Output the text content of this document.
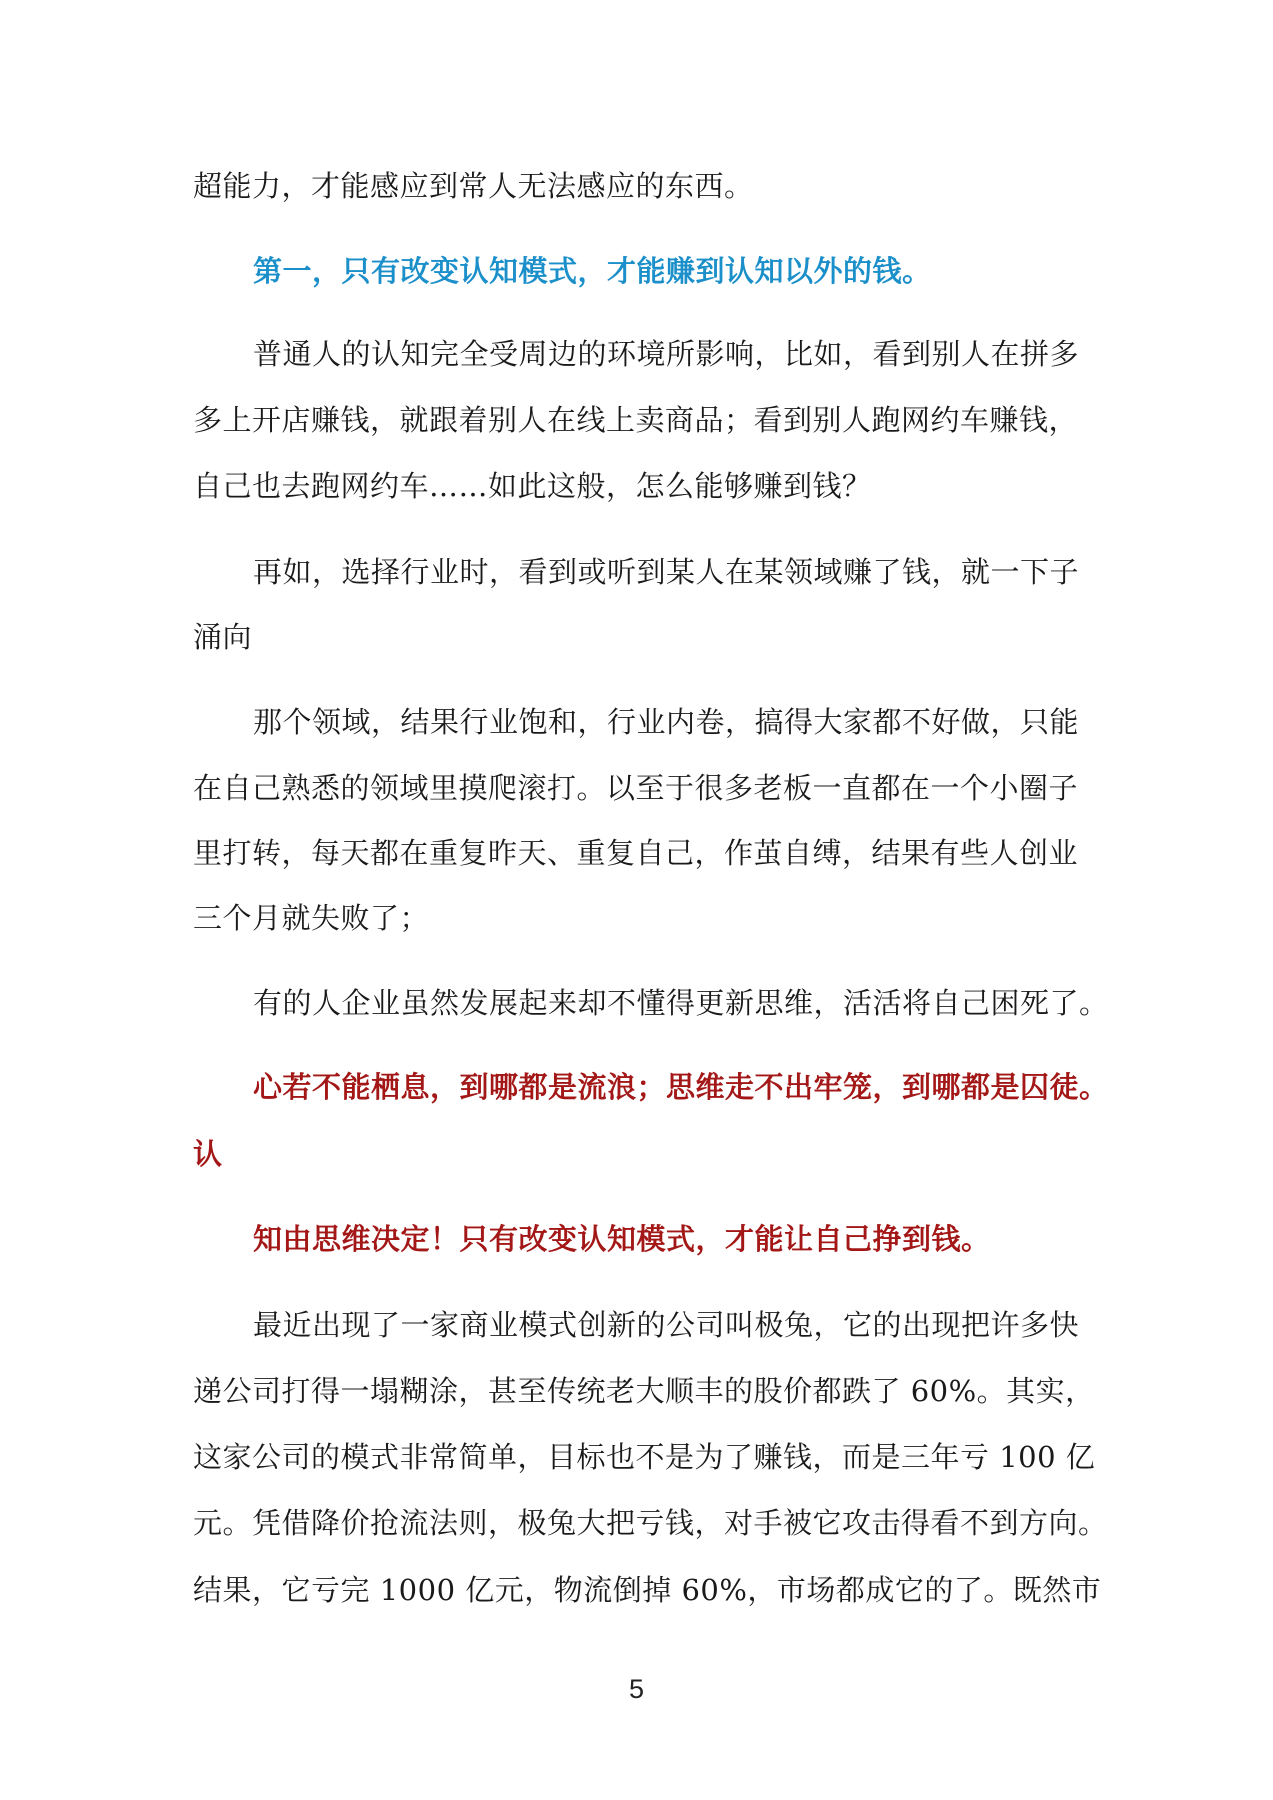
超能力，才能感应到常人无法感应的东西。
第一，只有改变认知模式，才能赚到认知以外的钱。
普通人的认知完全受周边的环境所影响，比如，看到别人在拼多
多上开店赚钱，就跟着别人在线上卖商品；看到别人跑网约车赚钱，
自己也去跑网约车……如此这般，怎么能够赚到钱？
再如，选择行业时，看到或听到某人在某领域赚了钱，就一下子
涌向
那个领域，结果行业饱和，行业内卷，搞得大家都不好做，只能
在自己熟悉的领域里摸爬滚打。以至于很多老板一直都在一个小圈子
里打转，每天都在重复昨天、重复自己，作茧自缚，结果有些人创业
三个月就失败了；
有的人企业虽然发展起来却不懂得更新思维，活活将自己困死了。
心若不能栖息，到哪都是流浪；思维走不出牢笼，到哪都是囚徒。
认
知由思维决定！只有改变认知模式，才能让自己挣到钱。
最近出现了一家商业模式创新的公司叫极兔，它的出现把许多快
递公司打得一塌糊涂，甚至传统老大顺丰的股价都跌了 60%。其实，
这家公司的模式非常简单，目标也不是为了赚钱，而是三年亏 100 亿
元。凭借降价抢流法则，极兔大把亏钱，对手被它攻击得看不到方向。
结果，它亏完 1000 亿元，物流倒掉 60%，市场都成它的了。既然市
5
